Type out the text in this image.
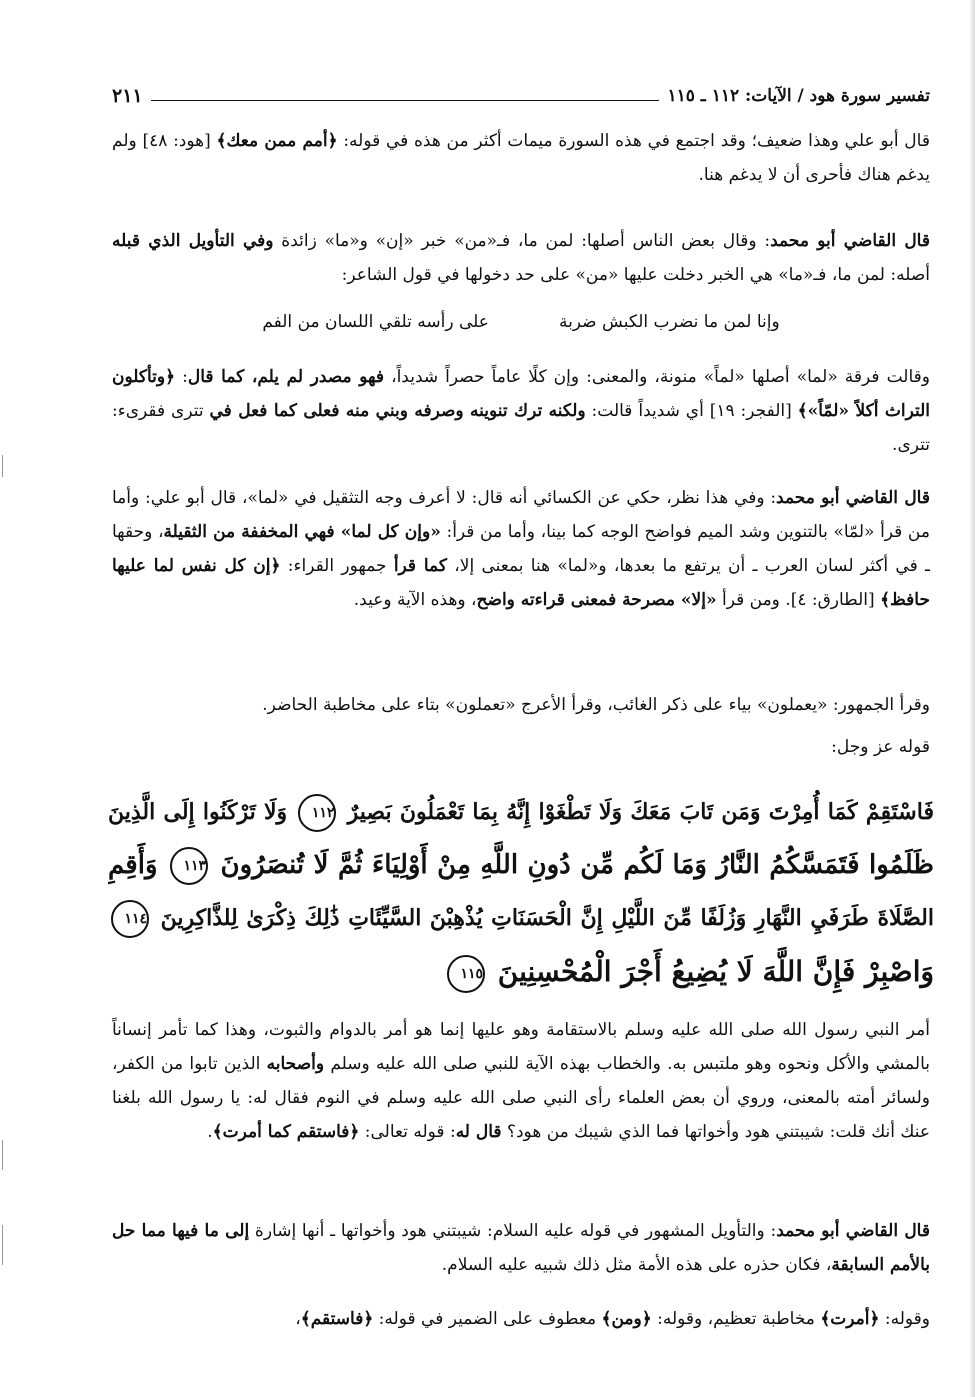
تفسير سورة هود / الآيات: ١١٢ ـ ١١٥
٢١١

قال أبو علي وهذا ضعيف؛ وقد اجتمع في هذه السورة ميمات أكثر من هذه في قوله: ﴿أمم ممن معك﴾ [هود: ٤٨] ولم يدغم هناك فأحرى أن لا يدغم هنا.

قال القاضي أبو محمد: وقال بعض الناس أصلها: لمن ما، فـ«من» خبر «إن» و«ما» زائدة وفي التأويل الذي قبله أصله: لمن ما، فـ«ما» هي الخبر دخلت عليها «من» على حد دخولها في قول الشاعر:

وإنا لمن ما نضرب الكبش ضربة
على رأسه تلقي اللسان من الفم

وقالت فرقة «لما» أصلها «لماً» منونة، والمعنى: وإن كلًا عاماً حصراً شديداً، فهو مصدر لم يلم، كما قال: ﴿وتأكلون التراث أكلاً «لمّاً»﴾ [الفجر: ١٩] أي شديداً قالت: ولكنه ترك تنوينه وصرفه وبني منه فعلى كما فعل في تترى فقرىء: تترى.

قال القاضي أبو محمد: وفي هذا نظر، حكي عن الكسائي أنه قال: لا أعرف وجه التثقيل في «لما»، قال أبو علي: وأما من قرأ «لمّا» بالتنوين وشد الميم فواضح الوجه كما بينا، وأما من قرأ: «وإن كل لما» فهي المخففة من الثقيلة، وحقها ـ في أكثر لسان العرب ـ أن يرتفع ما بعدها، و«لما» هنا بمعنى إلا، كما قرأ جمهور القراء: ﴿إن كل نفس لما عليها حافظ﴾ [الطارق: ٤]. ومن قرأ «إلا» مصرحة فمعنى قراءته واضح، وهذه الآية وعيد.

وقرأ الجمهور: «يعملون» بياء على ذكر الغائب، وقرأ الأعرج «تعملون» بتاء على مخاطبة الحاضر.

قوله عز وجل:

فَاسْتَقِمْ كَمَا أُمِرْتَ وَمَن تَابَ مَعَكَ وَلَا تَطْغَوْا إِنَّهُ بِمَا تَعْمَلُونَ بَصِيرٌ ١١٢ وَلَا تَرْكَنُوا إِلَى الَّذِينَ
ظَلَمُوا فَتَمَسَّكُمُ النَّارُ وَمَا لَكُم مِّن دُونِ اللَّهِ مِنْ أَوْلِيَاءَ ثُمَّ لَا تُنصَرُونَ ١١٣ وَأَقِمِ
الصَّلَاةَ طَرَفَيِ النَّهَارِ وَزُلَفًا مِّنَ اللَّيْلِ إِنَّ الْحَسَنَاتِ يُذْهِبْنَ السَّيِّئَاتِ ذَٰلِكَ ذِكْرَىٰ لِلذَّاكِرِينَ ١١٤
وَاصْبِرْ فَإِنَّ اللَّهَ لَا يُضِيعُ أَجْرَ الْمُحْسِنِينَ ١١٥

أمر النبي رسول الله صلى الله عليه وسلم بالاستقامة وهو عليها إنما هو أمر بالدوام والثبوت، وهذا كما تأمر إنساناً بالمشي والأكل ونحوه وهو ملتبس به. والخطاب بهذه الآية للنبي صلى الله عليه وسلم وأصحابه الذين تابوا من الكفر، ولسائر أمته بالمعنى، وروي أن بعض العلماء رأى النبي صلى الله عليه وسلم في النوم فقال له: يا رسول الله بلغنا عنك أنك قلت: شيبتني هود وأخواتها فما الذي شيبك من هود؟ قال له: قوله تعالى: ﴿فاستقم كما أمرت﴾.

قال القاضي أبو محمد: والتأويل المشهور في قوله عليه السلام: شيبتني هود وأخواتها ـ أنها إشارة إلى ما فيها مما حل بالأمم السابقة، فكان حذره على هذه الأمة مثل ذلك شبيه عليه السلام.

وقوله: ﴿أمرت﴾ مخاطبة تعظيم، وقوله: ﴿ومن﴾ معطوف على الضمير في قوله: ﴿فاستقم﴾،
